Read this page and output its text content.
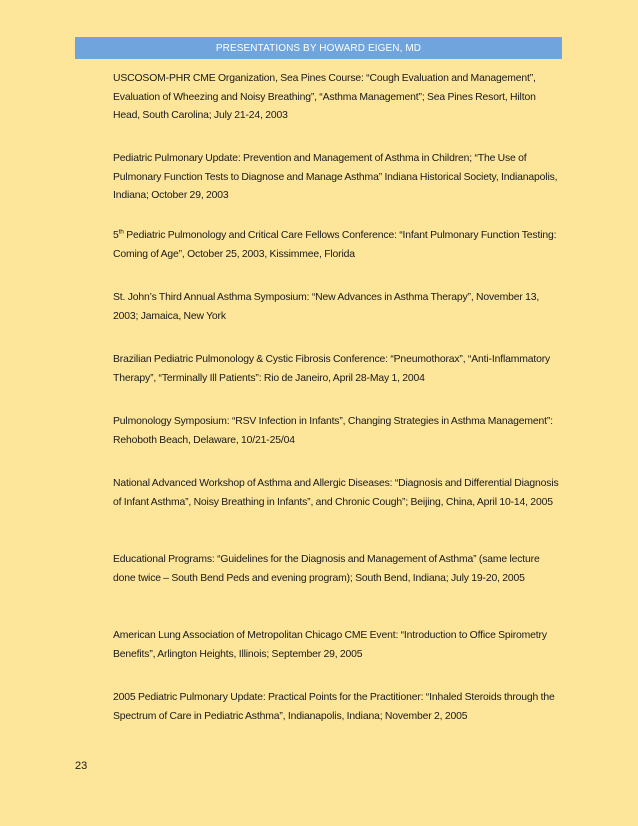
PRESENTATIONS BY HOWARD EIGEN, MD

USCOSOM-PHR CME Organization, Sea Pines Course: “Cough Evaluation and Management”, Evaluation of Wheezing and Noisy Breathing”, “Asthma Management”; Sea Pines Resort, Hilton Head, South Carolina; July 21-24, 2003

Pediatric Pulmonary Update: Prevention and Management of Asthma in Children; “The Use of Pulmonary Function Tests to Diagnose and Manage Asthma” Indiana Historical Society, Indianapolis, Indiana; October 29, 2003

5th Pediatric Pulmonology and Critical Care Fellows Conference: “Infant Pulmonary Function Testing: Coming of Age”, October 25, 2003, Kissimmee, Florida

St. John’s Third Annual Asthma Symposium: “New Advances in Asthma Therapy”, November 13, 2003; Jamaica, New York

Brazilian Pediatric Pulmonology & Cystic Fibrosis Conference: “Pneumothorax”, “Anti-Inflammatory Therapy”, “Terminally Ill Patients”: Rio de Janeiro, April 28-May 1, 2004

Pulmonology Symposium: “RSV Infection in Infants”, Changing Strategies in Asthma Management”: Rehoboth Beach, Delaware, 10/21-25/04

National Advanced Workshop of Asthma and Allergic Diseases: “Diagnosis and Differential Diagnosis of Infant Asthma”, Noisy Breathing in Infants”, and Chronic Cough”; Beijing, China, April 10-14, 2005

Educational Programs: “Guidelines for the Diagnosis and Management of Asthma” (same lecture done twice – South Bend Peds and evening program); South Bend, Indiana; July 19-20, 2005

American Lung Association of Metropolitan Chicago CME Event: “Introduction to Office Spirometry Benefits”, Arlington Heights, Illinois; September 29, 2005

2005 Pediatric Pulmonary Update: Practical Points for the Practitioner: “Inhaled Steroids through the Spectrum of Care in Pediatric Asthma”, Indianapolis, Indiana; November 2, 2005

23
